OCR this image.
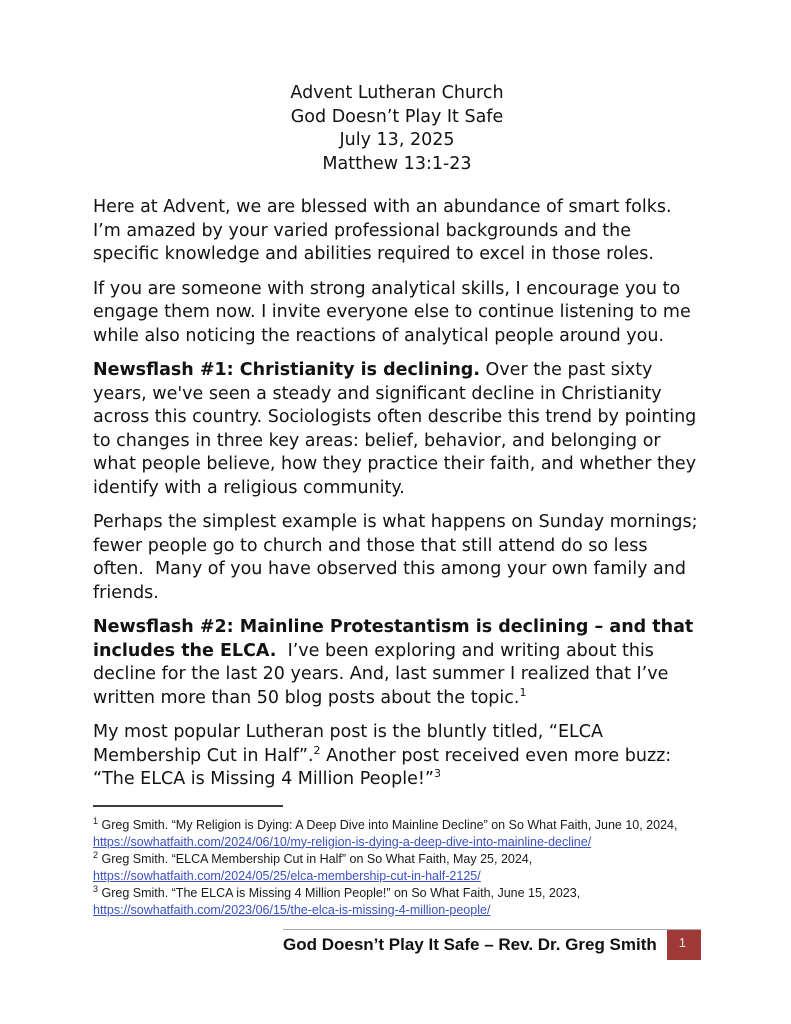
Advent Lutheran Church
God Doesn’t Play It Safe
July 13, 2025
Matthew 13:1-23

Here at Advent, we are blessed with an abundance of smart folks. I’m amazed by your varied professional backgrounds and the specific knowledge and abilities required to excel in those roles.

If you are someone with strong analytical skills, I encourage you to engage them now. I invite everyone else to continue listening to me while also noticing the reactions of analytical people around you.

Newsflash #1: Christianity is declining. Over the past sixty years, we've seen a steady and significant decline in Christianity across this country. Sociologists often describe this trend by pointing to changes in three key areas: belief, behavior, and belonging or what people believe, how they practice their faith, and whether they identify with a religious community.

Perhaps the simplest example is what happens on Sunday mornings; fewer people go to church and those that still attend do so less often.  Many of you have observed this among your own family and friends.

Newsflash #2: Mainline Protestantism is declining – and that includes the ELCA.  I’ve been exploring and writing about this decline for the last 20 years. And, last summer I realized that I’ve written more than 50 blog posts about the topic.$^1$

My most popular Lutheran post is the bluntly titled, “ELCA Membership Cut in Half”.$^2$ Another post received even more buzz: “The ELCA is Missing 4 Million People!”$^3$

$^1$ Greg Smith. “My Religion is Dying: A Deep Dive into Mainline Decline” on So What Faith, June 10, 2024,
https://sowhatfaith.com/2024/06/10/my-religion-is-dying-a-deep-dive-into-mainline-decline/

$^2$ Greg Smith. “ELCA Membership Cut in Half” on So What Faith, May 25, 2024,
https://sowhatfaith.com/2024/05/25/elca-membership-cut-in-half-2125/

$^3$ Greg Smith. “The ELCA is Missing 4 Million People!” on So What Faith, June 15, 2023,
https://sowhatfaith.com/2023/06/15/the-elca-is-missing-4-million-people/

God Doesn’t Play It Safe – Rev. Dr. Greg Smith	1
